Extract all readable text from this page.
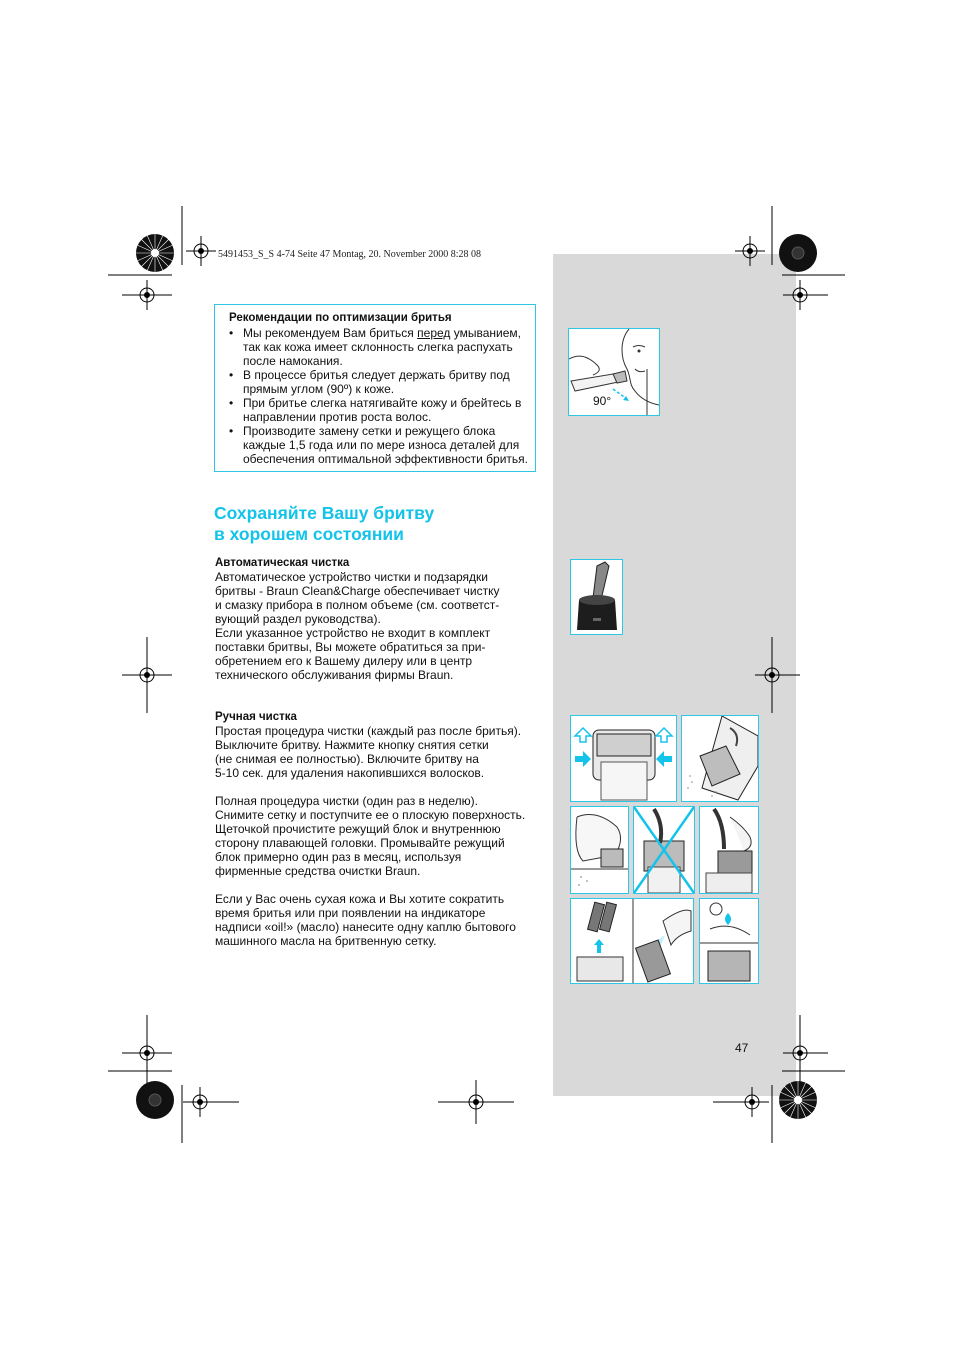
5491453_S_S 4-74 Seite 47 Montag, 20. November 2000 8:28 08
Рекомендации по оптимизации бритья
• Мы рекомендуем Вам бриться перед умыванием, так как кожа имеет склонность слегка распухать после намокания.
• В процессе бритья следует держать бритву под прямым углом (90º) к коже.
• При бритье слегка натягивайте кожу и брейтесь в направлении против роста волос.
• Производите замену сетки и режущего блока каждые 1,5 года или по мере износа деталей для обеспечения оптимальной эффективности бритья.
Сохраняйте Вашу бритву
в хорошем состоянии
Автоматическая чистка
Автоматическое устройство чистки и подзарядки
бритвы - Braun Clean&Charge обеспечивает чистку
и смазку прибора в полном объеме (см. соответст-
вующий раздел руководства).
Если указанное устройство не входит в комплект
поставки бритвы, Вы можете обратиться за при-
обретением его к Вашему дилеру или в центр
технического обслуживания фирмы Braun.
Ручная чистка
Простая процедура чистки (каждый раз после бритья).
Выключите бритву. Нажмите кнопку снятия сетки
(не снимая ее полностью). Включите бритву на
5-10 сек. для удаления накопившихся волосков.
Полная процедура чистки (один раз в неделю).
Снимите сетку и поступчите ее о плоскую поверхность.
Щеточкой прочистите режущий блок и внутреннюю
сторону плавающей головки. Промывайте режущий
блок примерно один раз в месяц, используя
фирменные средства очистки Braun.
Если у Вас очень сухая кожа и Вы хотите сократить
время бритья или при появлении на индикаторе
надписи «oil!» (масло) нанесите одну каплю бытового
машинного масла на бритвенную сетку.
90°
47
